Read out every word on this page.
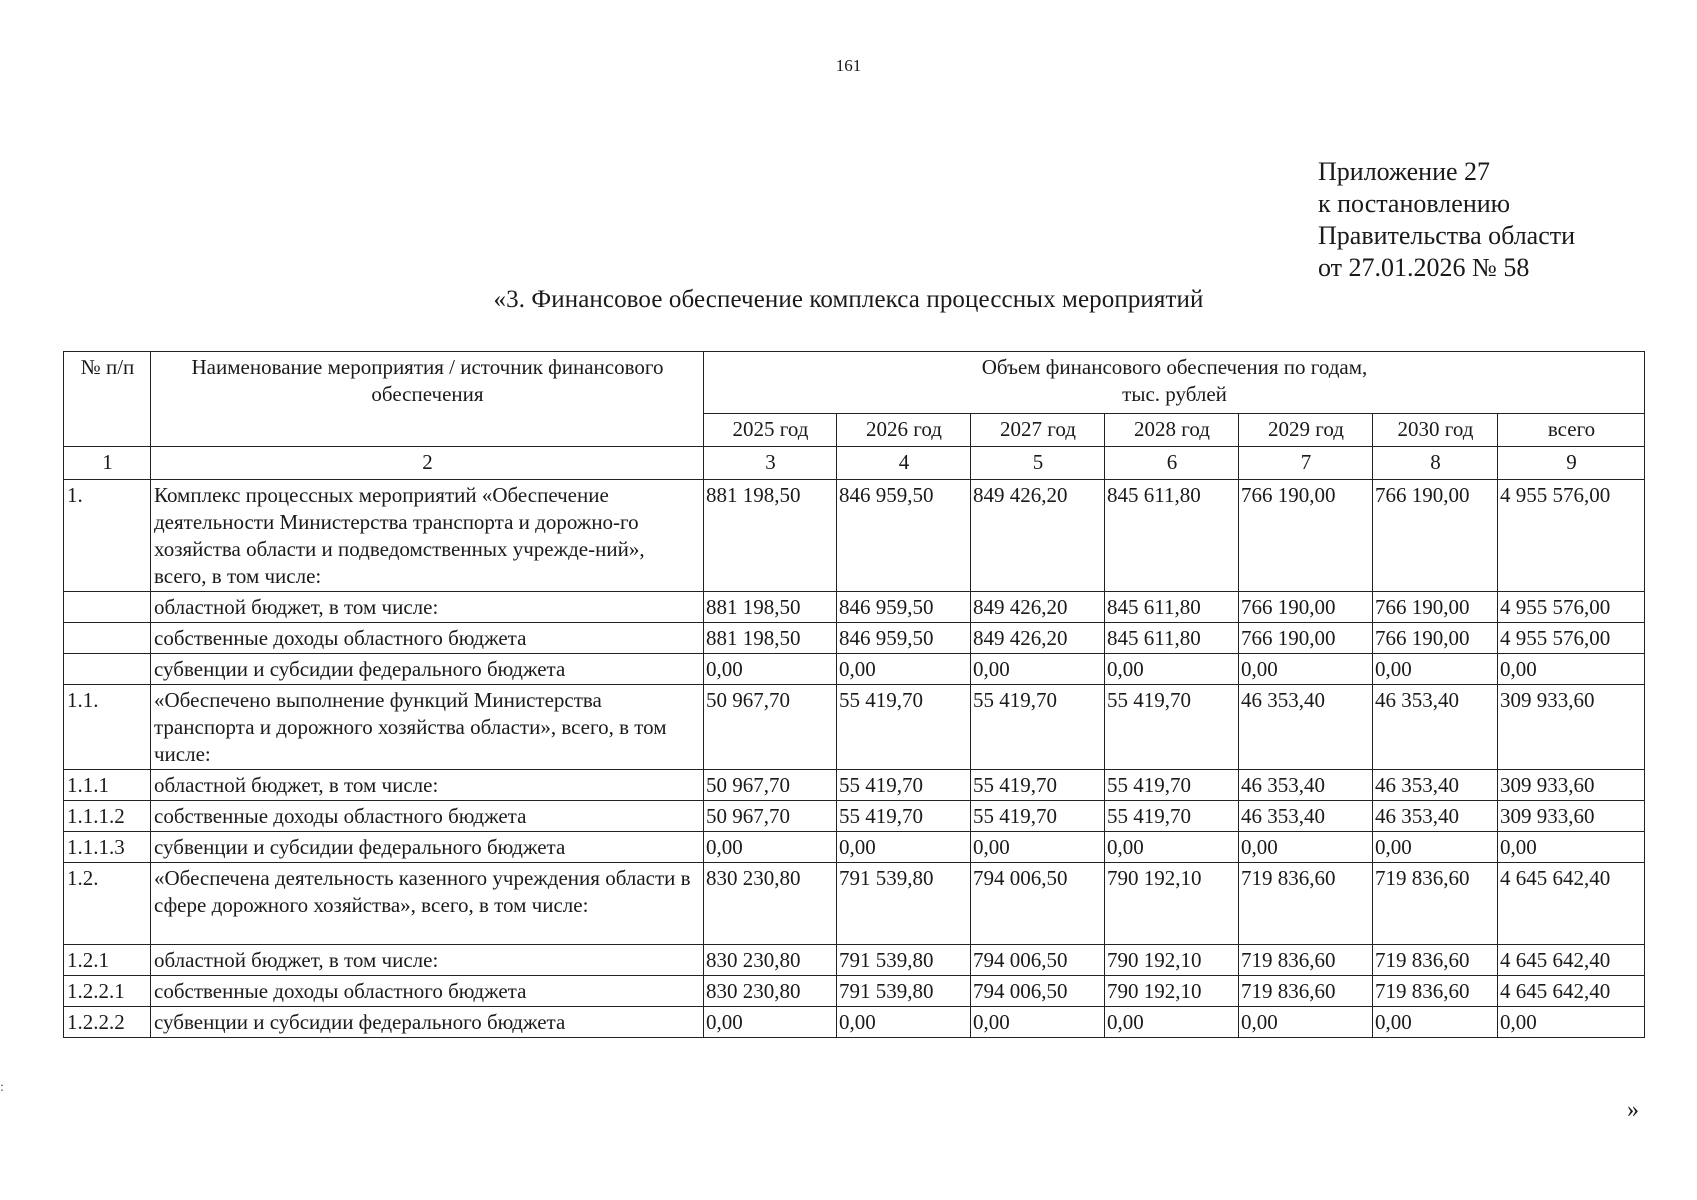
161
Приложение 27
к постановлению
Правительства области
от 27.01.2026 № 58
«3. Финансовое обеспечение комплекса процессных мероприятий
№ п/п	Наименование мероприятия / источник финансового обеспечения	Объем финансового обеспечения по годам,
тыс. рублей						

		2025 год	2026 год	2027 год	2028 год	2029 год	2030 год	всего
1	2	3	4	5	6	7	8	9
1.	Комплекс процессных мероприятий «Обеспечение деятельности Министерства транспорта и дорожно-го хозяйства области и подведомственных учрежде-ний», всего, в том числе:	881 198,50	846 959,50	849 426,20	845 611,80	766 190,00	766 190,00	4 955 576,00
	областной бюджет, в том числе:	881 198,50	846 959,50	849 426,20	845 611,80	766 190,00	766 190,00	4 955 576,00
	собственные доходы областного бюджета	881 198,50	846 959,50	849 426,20	845 611,80	766 190,00	766 190,00	4 955 576,00
	субвенции и субсидии федерального бюджета	0,00	0,00	0,00	0,00	0,00	0,00	0,00
1.1.	«Обеспечено выполнение функций Министерства транспорта и дорожного хозяйства области», всего, в том числе:	50 967,70	55 419,70	55 419,70	55 419,70	46 353,40	46 353,40	309 933,60
1.1.1	областной бюджет, в том числе:	50 967,70	55 419,70	55 419,70	55 419,70	46 353,40	46 353,40	309 933,60
1.1.1.2	собственные доходы областного бюджета	50 967,70	55 419,70	55 419,70	55 419,70	46 353,40	46 353,40	309 933,60
1.1.1.3	субвенции и субсидии федерального бюджета	0,00	0,00	0,00	0,00	0,00	0,00	0,00
1.2.	«Обеспечена деятельность казенного учреждения области в сфере дорожного хозяйства», всего, в том числе:	830 230,80	791 539,80	794 006,50	790 192,10	719 836,60	719 836,60	4 645 642,40
1.2.1	областной бюджет, в том числе:	830 230,80	791 539,80	794 006,50	790 192,10	719 836,60	719 836,60	4 645 642,40
1.2.2.1	собственные доходы областного бюджета	830 230,80	791 539,80	794 006,50	790 192,10	719 836,60	719 836,60	4 645 642,40
1.2.2.2	субвенции и субсидии федерального бюджета	0,00	0,00	0,00	0,00	0,00	0,00	0,00
»
:
